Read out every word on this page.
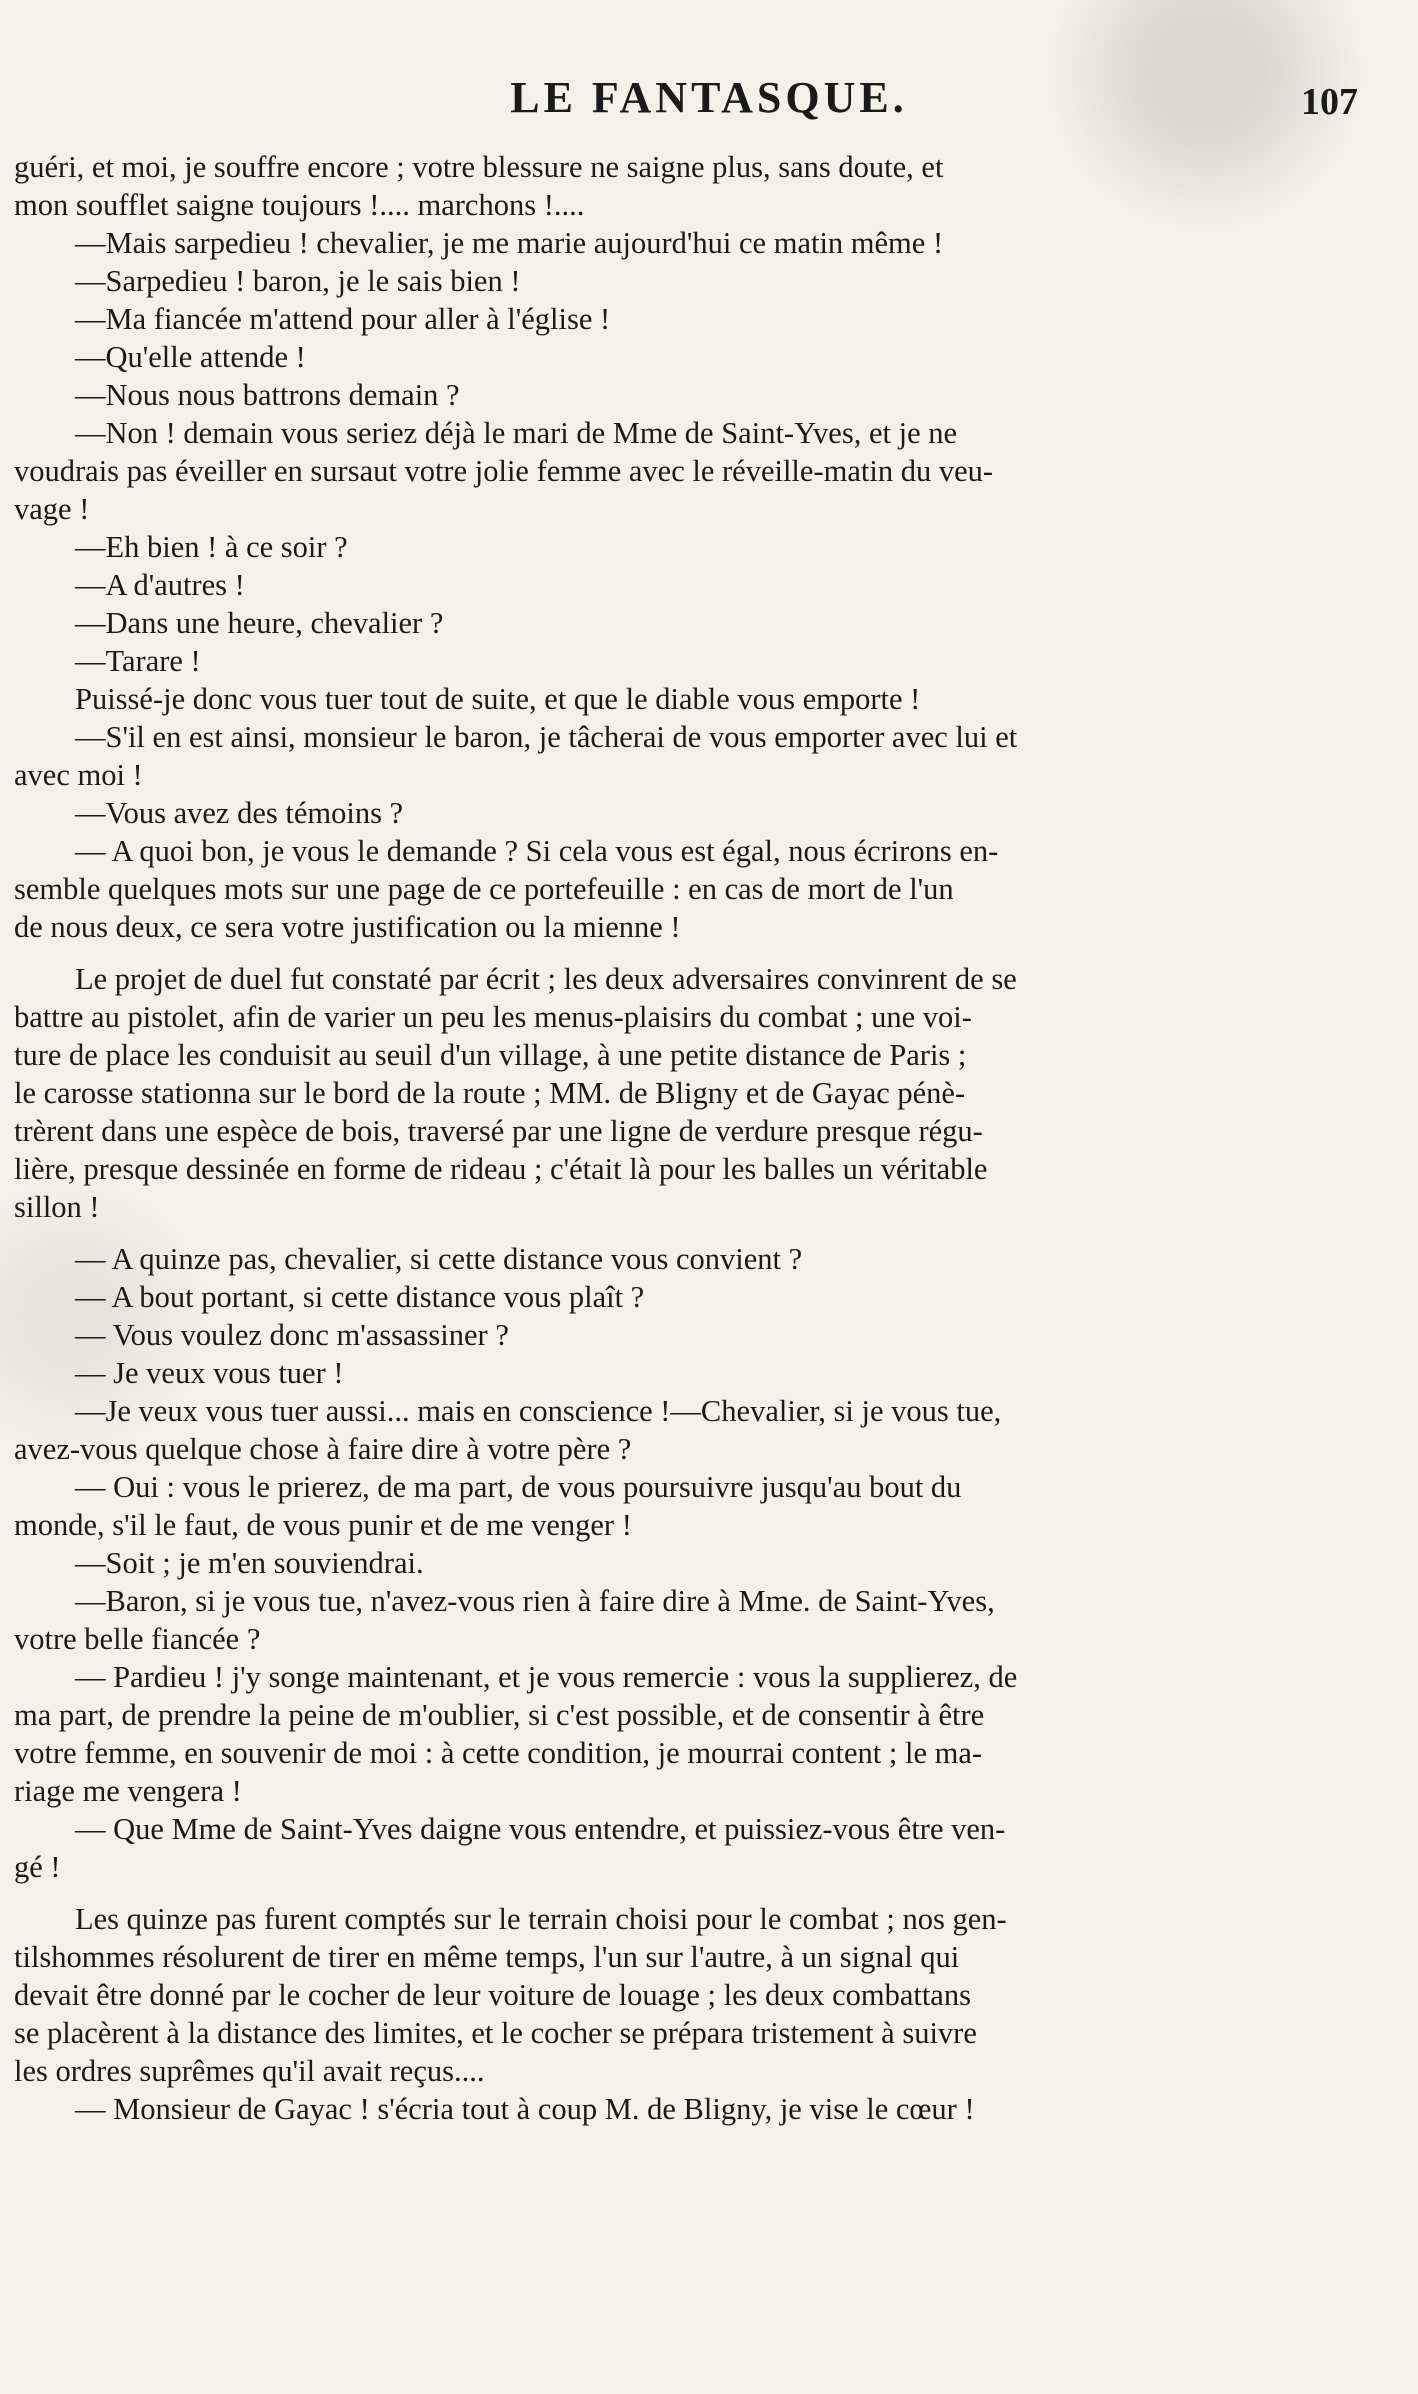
LE FANTASQUE.	107
guéri, et moi, je souffre encore ; votre blessure ne saigne plus, sans doute, et
mon soufflet saigne toujours !.... marchons !....
  —Mais sarpedieu ! chevalier, je me marie aujourd'hui ce matin même !
  —Sarpedieu ! baron, je le sais bien !
  —Ma fiancée m'attend pour aller à l'église !
  —Qu'elle attende !
  —Nous nous battrons demain ?
  —Non ! demain vous seriez déjà le mari de Mme de Saint-Yves, et je ne
voudrais pas éveiller en sursaut votre jolie femme avec le réveille-matin du veu-
vage !
  —Eh bien ! à ce soir ?
  —A d'autres !
  —Dans une heure, chevalier ?
  —Tarare !
  Puissé-je donc vous tuer tout de suite, et que le diable vous emporte !
  —S'il en est ainsi, monsieur le baron, je tâcherai de vous emporter avec lui et
avec moi !
  —Vous avez des témoins ?
  — A quoi bon, je vous le demande ? Si cela vous est égal, nous écrirons en-
semble quelques mots sur une page de ce portefeuille : en cas de mort de l'un
de nous deux, ce sera votre justification ou la mienne !
  Le projet de duel fut constaté par écrit ; les deux adversaires convinrent de se
battre au pistolet, afin de varier un peu les menus-plaisirs du combat ; une voi-
ture de place les conduisit au seuil d'un village, à une petite distance de Paris ;
le carosse stationna sur le bord de la route ; MM. de Bligny et de Gayac pénè-
trèrent dans une espèce de bois, traversé par une ligne de verdure presque régu-
lière, presque dessinée en forme de rideau ; c'était là pour les balles un véritable
sillon !
  — A quinze pas, chevalier, si cette distance vous convient ?
  — A bout portant, si cette distance vous plaît ?
  — Vous voulez donc m'assassiner ?
  — Je veux vous tuer !
  —Je veux vous tuer aussi... mais en conscience !—Chevalier, si je vous tue,
avez-vous quelque chose à faire dire à votre père ?
  — Oui : vous le prierez, de ma part, de vous poursuivre jusqu'au bout du
monde, s'il le faut, de vous punir et de me venger !
  —Soit ; je m'en souviendrai.
  —Baron, si je vous tue, n'avez-vous rien à faire dire à Mme. de Saint-Yves,
votre belle fiancée ?
  — Pardieu ! j'y songe maintenant, et je vous remercie : vous la supplierez, de
ma part, de prendre la peine de m'oublier, si c'est possible, et de consentir à être
votre femme, en souvenir de moi : à cette condition, je mourrai content ; le ma-
riage me vengera !
  — Que Mme de Saint-Yves daigne vous entendre, et puissiez-vous être ven-
gé !
  Les quinze pas furent comptés sur le terrain choisi pour le combat ; nos gen-
tilshommes résolurent de tirer en même temps, l'un sur l'autre, à un signal qui
devait être donné par le cocher de leur voiture de louage ; les deux combattans
se placèrent à la distance des limites, et le cocher se prépara tristement à suivre
les ordres suprêmes qu'il avait reçus....
  — Monsieur de Gayac ! s'écria tout à coup M. de Bligny, je vise le cœur !
